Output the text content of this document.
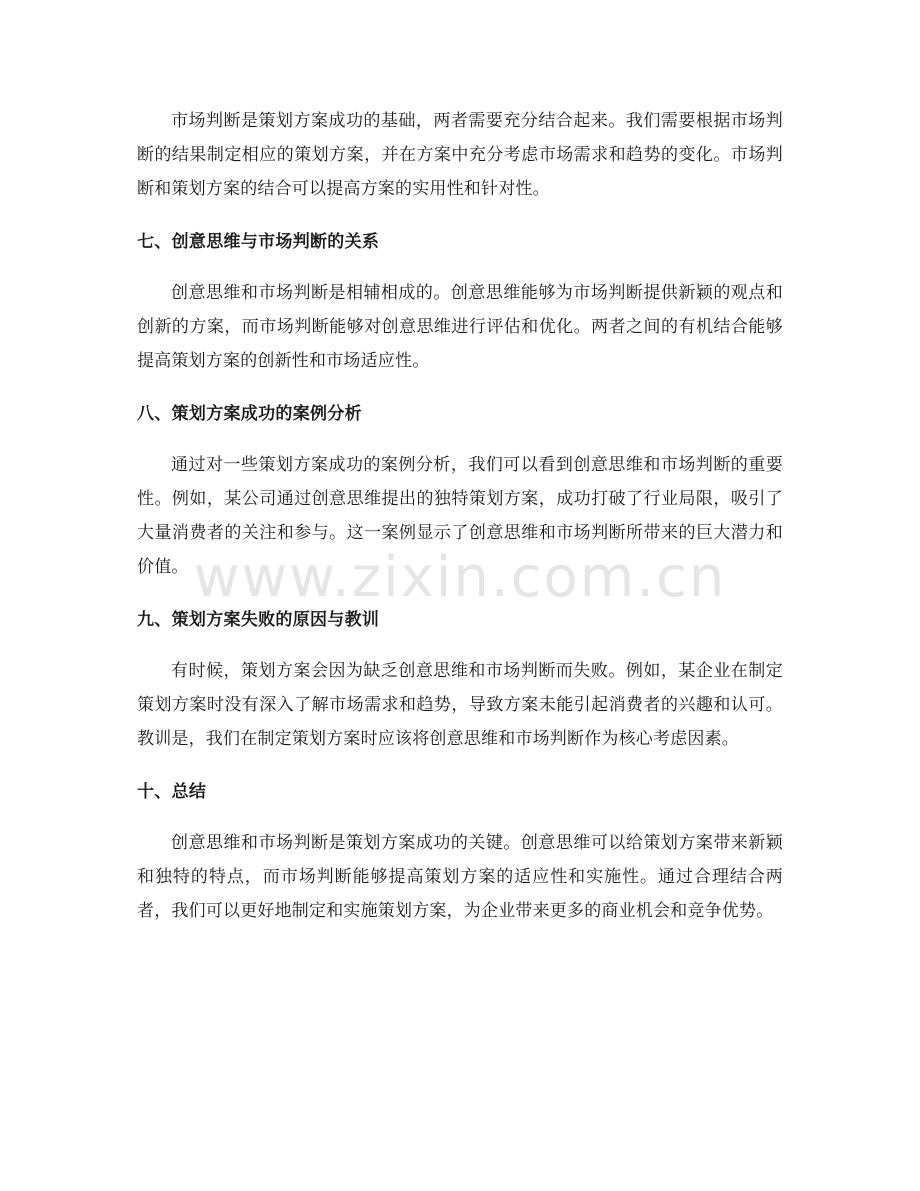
市场判断是策划方案成功的基础，两者需要充分结合起来。我们需要根据市场判断的结果制定相应的策划方案，并在方案中充分考虑市场需求和趋势的变化。市场判断和策划方案的结合可以提高方案的实用性和针对性。

七、创意思维与市场判断的关系

创意思维和市场判断是相辅相成的。创意思维能够为市场判断提供新颖的观点和创新的方案，而市场判断能够对创意思维进行评估和优化。两者之间的有机结合能够提高策划方案的创新性和市场适应性。

八、策划方案成功的案例分析

通过对一些策划方案成功的案例分析，我们可以看到创意思维和市场判断的重要性。例如，某公司通过创意思维提出的独特策划方案，成功打破了行业局限，吸引了大量消费者的关注和参与。这一案例显示了创意思维和市场判断所带来的巨大潜力和价值。

九、策划方案失败的原因与教训

有时候，策划方案会因为缺乏创意思维和市场判断而失败。例如，某企业在制定策划方案时没有深入了解市场需求和趋势，导致方案未能引起消费者的兴趣和认可。教训是，我们在制定策划方案时应该将创意思维和市场判断作为核心考虑因素。

十、总结

创意思维和市场判断是策划方案成功的关键。创意思维可以给策划方案带来新颖和独特的特点，而市场判断能够提高策划方案的适应性和实施性。通过合理结合两者，我们可以更好地制定和实施策划方案，为企业带来更多的商业机会和竞争优势。

www.zixin.com.cn
